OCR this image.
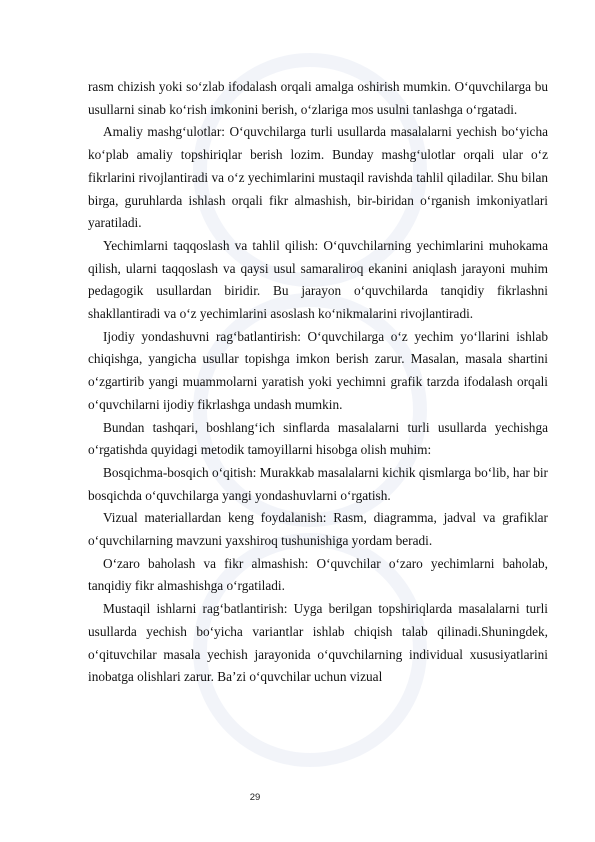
rasm chizish yoki so‘zlab ifodalash orqali amalga oshirish mumkin. O‘quvchilarga bu usullarni sinab ko‘rish imkonini berish, o‘zlariga mos usulni tanlashga o‘rgatadi.

Amaliy mashg‘ulotlar: O‘quvchilarga turli usullarda masalalarni yechish bo‘yicha ko‘plab amaliy topshiriqlar berish lozim. Bunday mashg‘ulotlar orqali ular o‘z fikrlarini rivojlantiradi va o‘z yechimlarini mustaqil ravishda tahlil qiladilar. Shu bilan birga, guruhlarda ishlash orqali fikr almashish, bir-biridan o‘rganish imkoniyatlari yaratiladi.

Yechimlarni taqqoslash va tahlil qilish: O‘quvchilarning yechimlarini muhokama qilish, ularni taqqoslash va qaysi usul samaraliroq ekanini aniqlash jarayoni muhim pedagogik usullardan biridir. Bu jarayon o‘quvchilarda tanqidiy fikrlashni shakllantiradi va o‘z yechimlarini asoslash ko‘nikmalarini rivojlantiradi.

Ijodiy yondashuvni rag‘batlantirish: O‘quvchilarga o‘z yechim yo‘llarini ishlab chiqishga, yangicha usullar topishga imkon berish zarur. Masalan, masala shartini o‘zgartirib yangi muammolarni yaratish yoki yechimni grafik tarzda ifodalash orqali o‘quvchilarni ijodiy fikrlashga undash mumkin.

Bundan tashqari, boshlang‘ich sinflarda masalalarni turli usullarda yechishga o‘rgatishda quyidagi metodik tamoyillarni hisobga olish muhim:

Bosqichma-bosqich o‘qitish: Murakkab masalalarni kichik qismlarga bo‘lib, har bir bosqichda o‘quvchilarga yangi yondashuvlarni o‘rgatish.

Vizual materiallardan keng foydalanish: Rasm, diagramma, jadval va grafiklar o‘quvchilarning mavzuni yaxshiroq tushunishiga yordam beradi.

O‘zaro baholash va fikr almashish: O‘quvchilar o‘zaro yechimlarni baholab, tanqidiy fikr almashishga o‘rgatiladi.

Mustaqil ishlarni rag‘batlantirish: Uyga berilgan topshiriqlarda masalalarni turli usullarda yechish bo‘yicha variantlar ishlab chiqish talab qilinadi.Shuningdek, o‘qituvchilar masala yechish jarayonida o‘quvchilarning individual xususiyatlarini inobatga olishlari zarur. Ba’zi o‘quvchilar uchun vizual

29
